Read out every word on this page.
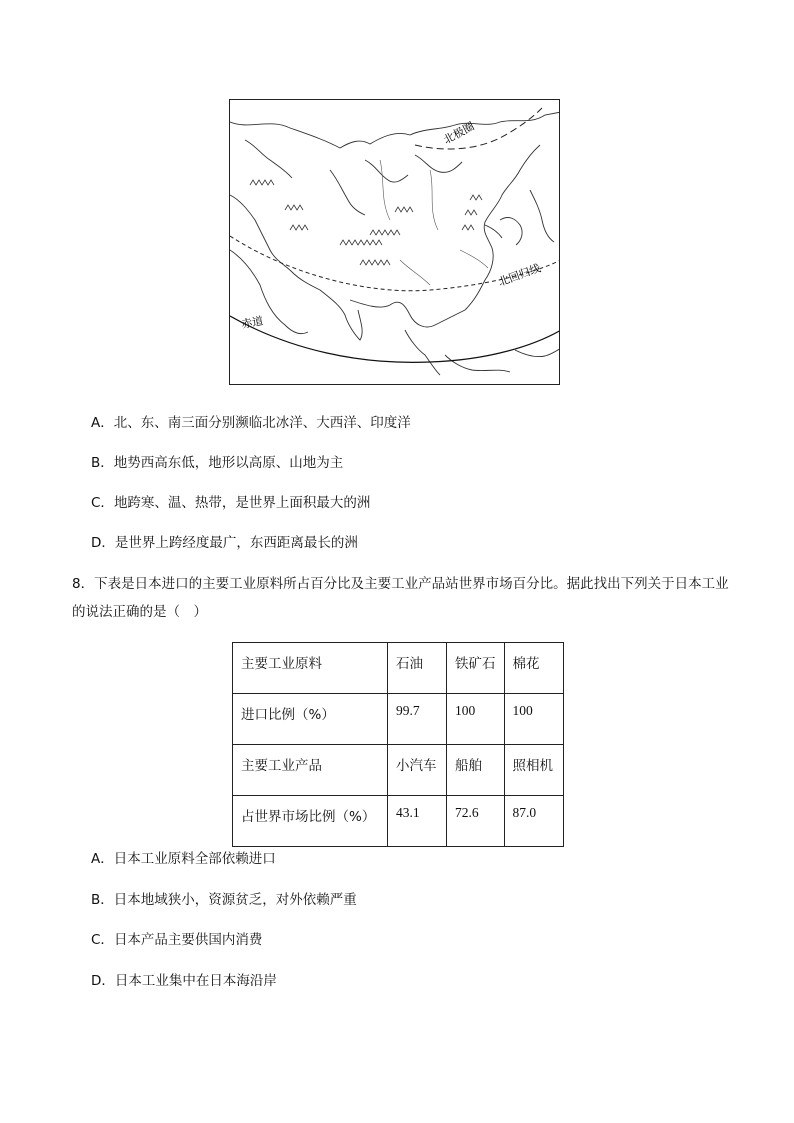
北极圈
北回归线
赤道
A．北、东、南三面分别濒临北冰洋、大西洋、印度洋
B．地势西高东低，地形以高原、山地为主
C．地跨寒、温、热带，是世界上面积最大的洲
D．是世界上跨经度最广，东西距离最长的洲
8．下表是日本进口的主要工业原料所占百分比及主要工业产品站世界市场百分比。据此找出下列关于日本工业的说法正确的是（　）
主要工业原料	石油	铁矿石	棉花
进口比例（%）	99.7	100	100
主要工业产品	小汽车	船舶	照相机
占世界市场比例（%）	43.1	72.6	87.0
A．日本工业原料全部依赖进口
B．日本地域狭小，资源贫乏，对外依赖严重
C．日本产品主要供国内消费
D．日本工业集中在日本海沿岸
